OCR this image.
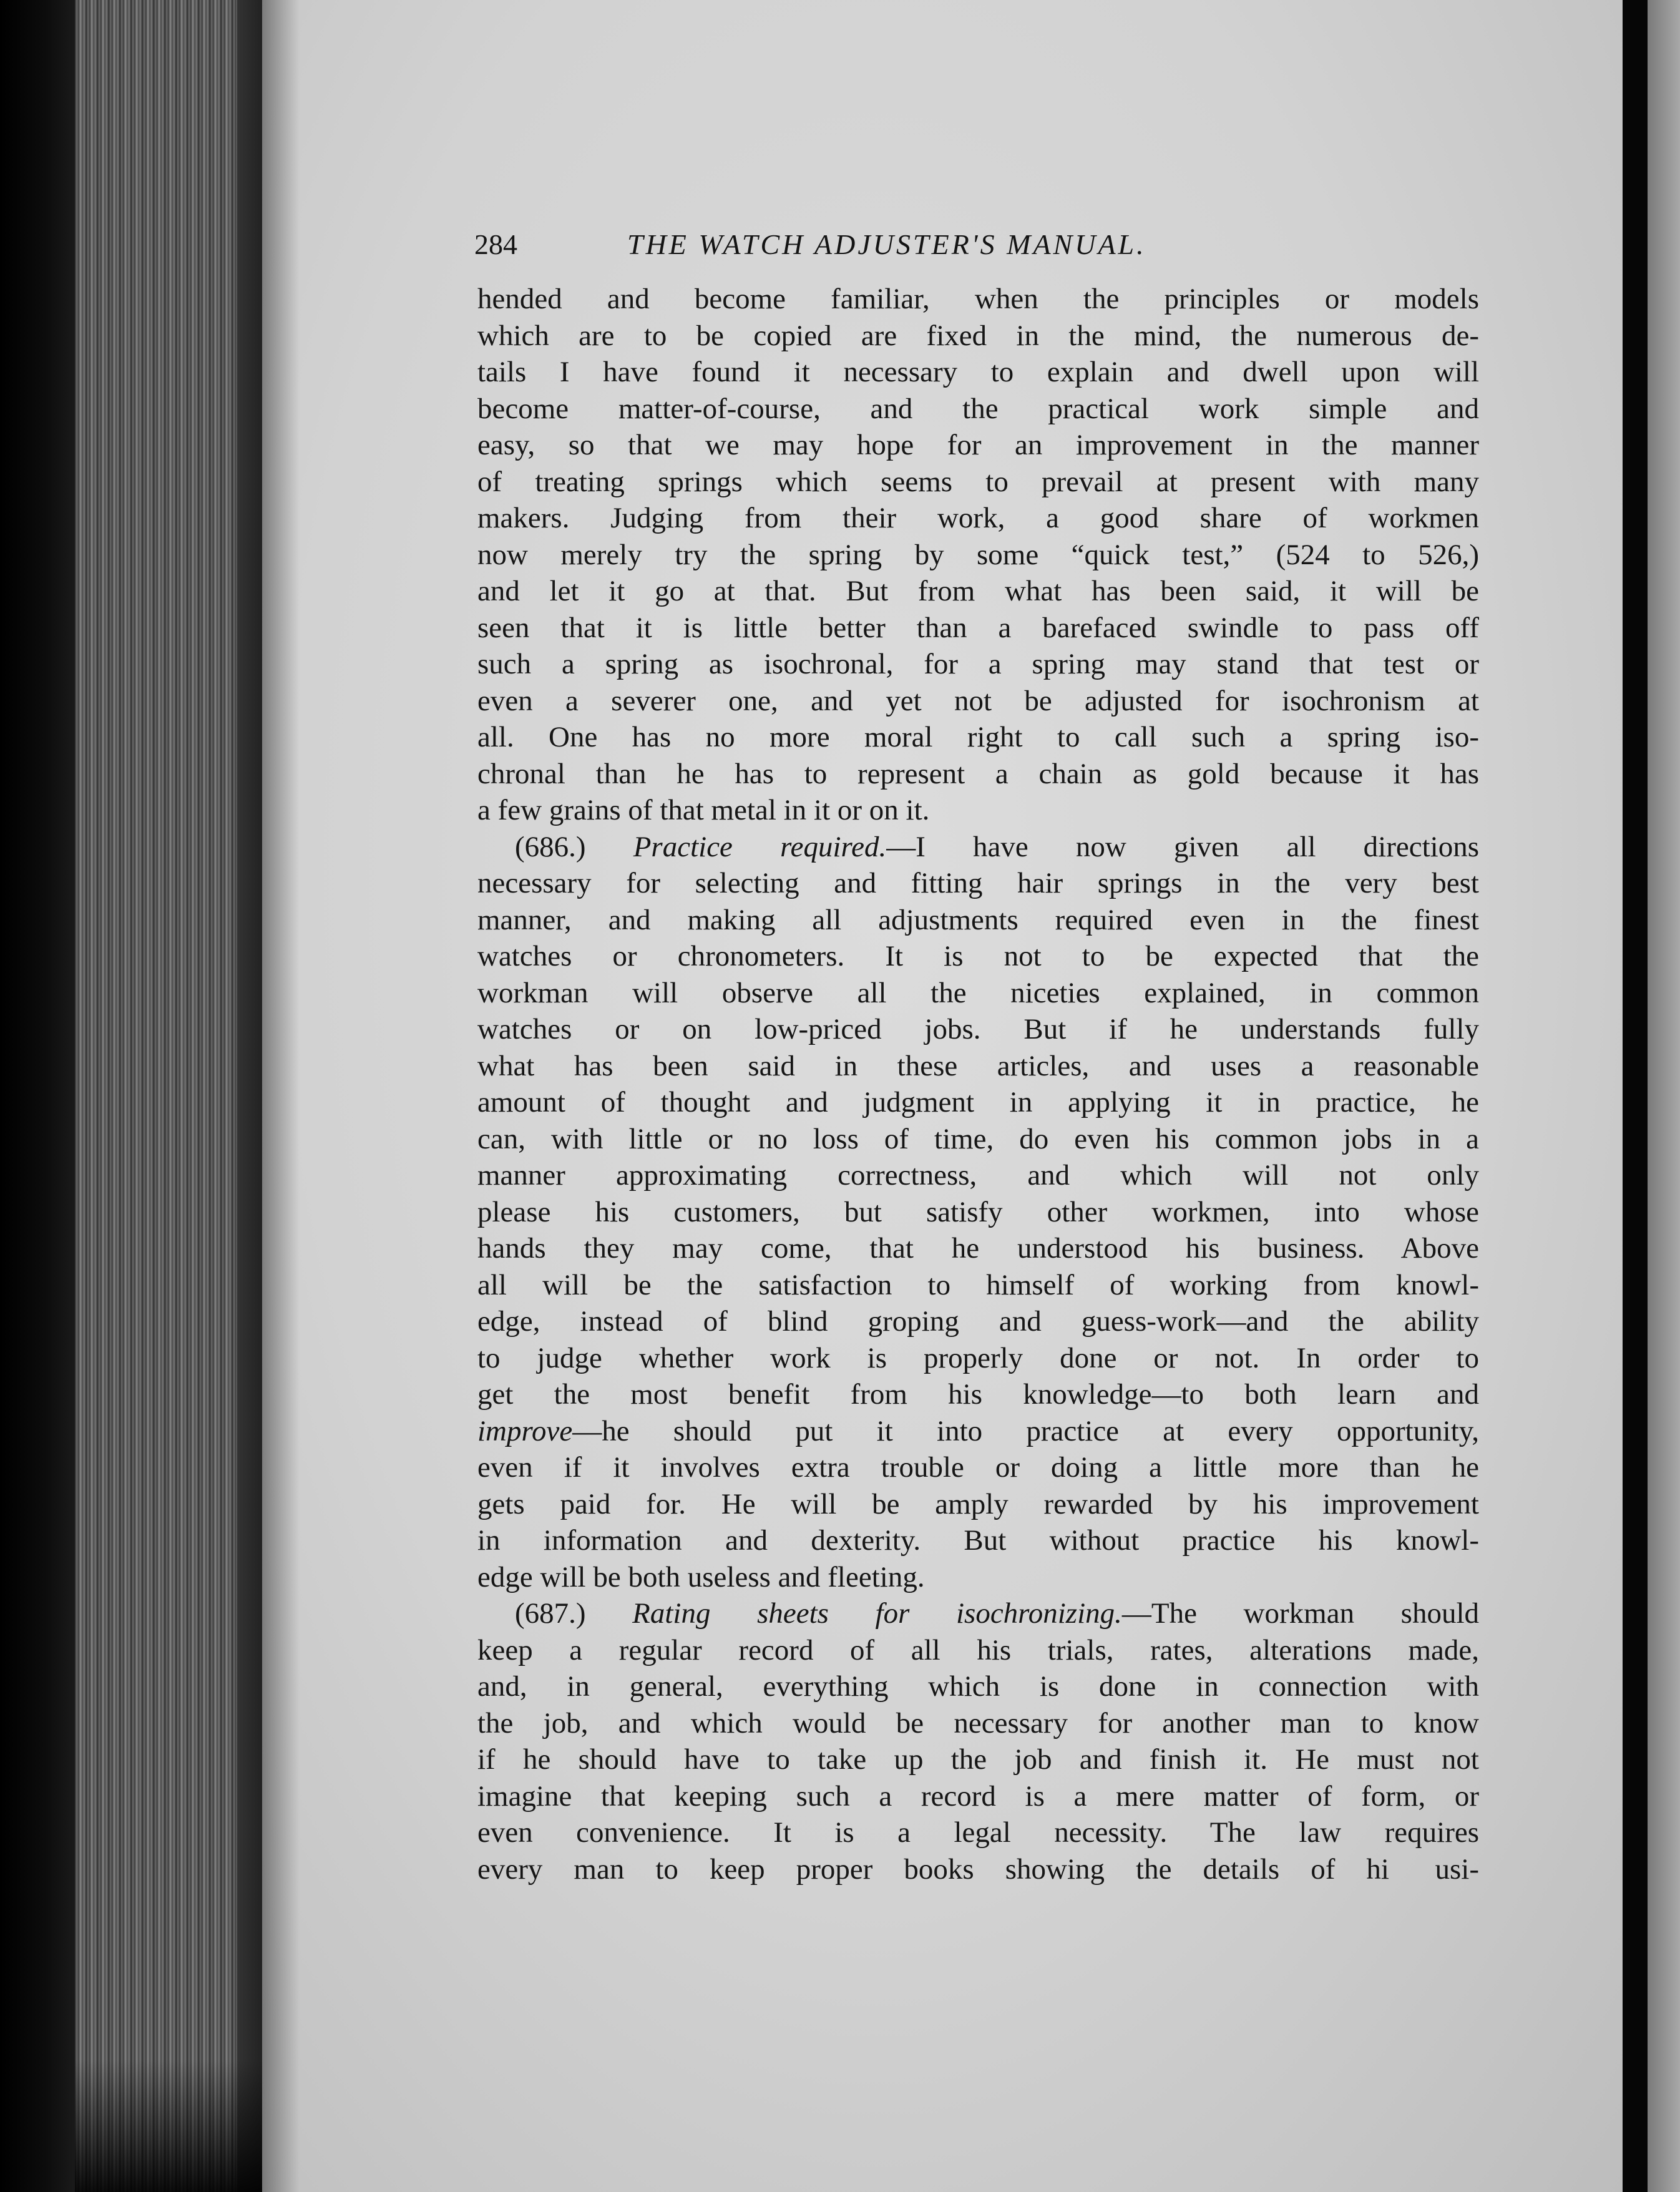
284	THE WATCH ADJUSTER'S MANUAL.
hended and become familiar, when the principles or models
which are to be copied are fixed in the mind, the numerous de-
tails I have found it necessary to explain and dwell upon will
become matter-of-course, and the practical work simple and
easy, so that we may hope for an improvement in the manner
of treating springs which seems to prevail at present with many
makers. Judging from their work, a good share of workmen
now merely try the spring by some “quick test,” (524 to 526,)
and let it go at that. But from what has been said, it will be
seen that it is little better than a barefaced swindle to pass off
such a spring as isochronal, for a spring may stand that test or
even a severer one, and yet not be adjusted for isochronism at
all. One has no more moral right to call such a spring iso-
chronal than he has to represent a chain as gold because it has
a few grains of that metal in it or on it.
(686.) Practice required.—I have now given all directions
necessary for selecting and fitting hair springs in the very best
manner, and making all adjustments required even in the finest
watches or chronometers. It is not to be expected that the
workman will observe all the niceties explained, in common
watches or on low-priced jobs. But if he understands fully
what has been said in these articles, and uses a reasonable
amount of thought and judgment in applying it in practice, he
can, with little or no loss of time, do even his common jobs in a
manner approximating correctness, and which will not only
please his customers, but satisfy other workmen, into whose
hands they may come, that he understood his business. Above
all will be the satisfaction to himself of working from knowl-
edge, instead of blind groping and guess-work—and the ability
to judge whether work is properly done or not. In order to
get the most benefit from his knowledge—to both learn and
improve—he should put it into practice at every opportunity,
even if it involves extra trouble or doing a little more than he
gets paid for. He will be amply rewarded by his improvement
in information and dexterity. But without practice his knowl-
edge will be both useless and fleeting.
(687.) Rating sheets for isochronizing.—The workman should
keep a regular record of all his trials, rates, alterations made,
and, in general, everything which is done in connection with
the job, and which would be necessary for another man to know
if he should have to take up the job and finish it. He must not
imagine that keeping such a record is a mere matter of form, or
even convenience. It is a legal necessity. The law requires
every man to keep proper books showing the details of hi  usi-
